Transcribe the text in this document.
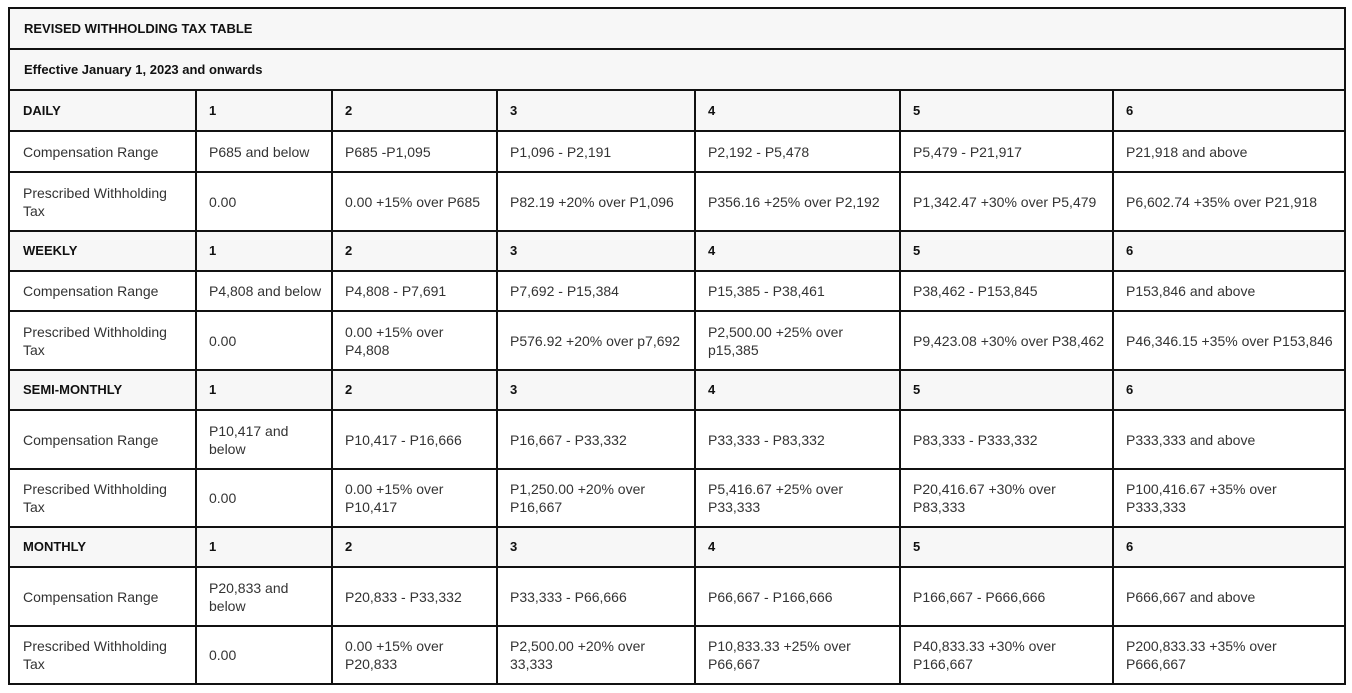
REVISED WITHHOLDING TAX TABLE						
Effective January 1, 2023 and onwards						
DAILY	1	2	3	4	5	6
Compensation Range	P685 and below	P685 -P1,095	P1,096 - P2,191	P2,192 - P5,478	P5,479 - P21,917	P21,918 and above
Prescribed Withholding Tax	0.00	0.00 +15% over P685	P82.19 +20% over P1,096	P356.16 +25% over P2,192	P1,342.47 +30% over P5,479	P6,602.74 +35% over P21,918
WEEKLY	1	2	3	4	5	6
Compensation Range	P4,808 and below	P4,808 - P7,691	P7,692 - P15,384	P15,385 - P38,461	P38,462 - P153,845	P153,846 and above
Prescribed Withholding Tax	0.00	0.00 +15% over P4,808	P576.92 +20% over p7,692	P2,500.00 +25% over p15,385	P9,423.08 +30% over P38,462	P46,346.15 +35% over P153,846
SEMI-MONTHLY	1	2	3	4	5	6
Compensation Range	P10,417 and below	P10,417 - P16,666	P16,667 - P33,332	P33,333 - P83,332	P83,333 - P333,332	P333,333 and above
Prescribed Withholding Tax	0.00	0.00 +15% over P10,417	P1,250.00 +20% over P16,667	P5,416.67 +25% over P33,333	P20,416.67 +30% over P83,333	P100,416.67 +35% over P333,333
MONTHLY	1	2	3	4	5	6
Compensation Range	P20,833 and below	P20,833 - P33,332	P33,333 - P66,666	P66,667 - P166,666	P166,667 - P666,666	P666,667 and above
Prescribed Withholding Tax	0.00	0.00 +15% over P20,833	P2,500.00 +20% over 33,333	P10,833.33 +25% over P66,667	P40,833.33 +30% over P166,667	P200,833.33 +35% over P666,667
